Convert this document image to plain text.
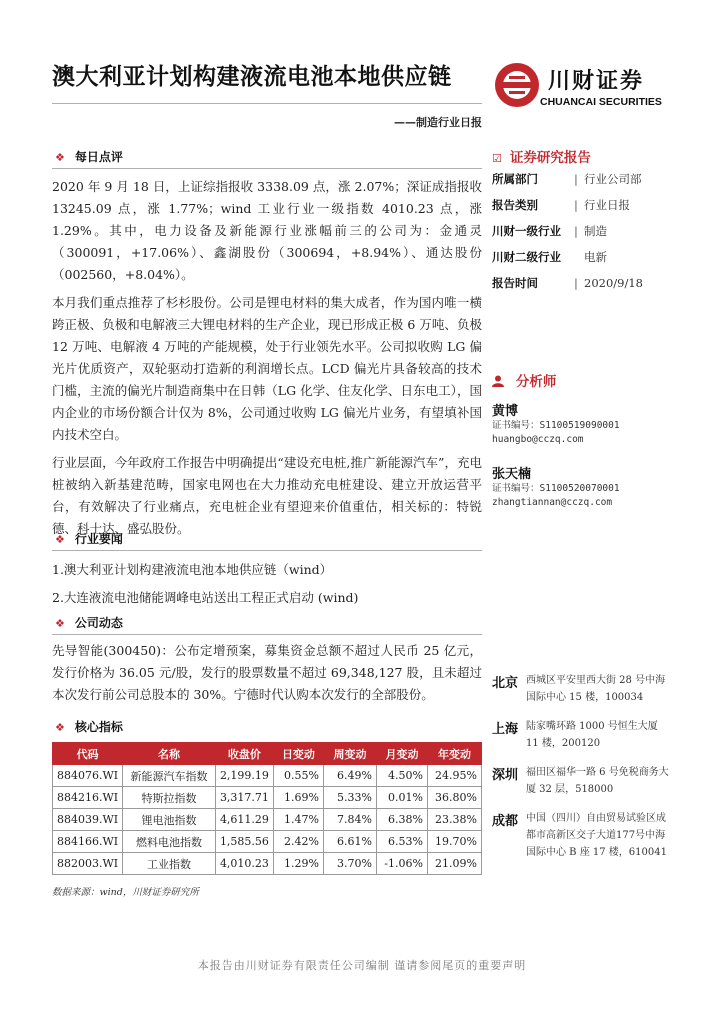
澳大利亚计划构建液流电池本地供应链
——制造行业日报
川财证券
CHUANCAI SECURITIES
❖ 每日点评

2020 年 9 月 18 日，上证综指报收 3338.09 点，涨 2.07%；深证成指报收 13245.09 点，涨 1.77%；wind 工业行业一级指数 4010.23 点，涨 1.29%。其中，电力设备及新能源行业涨幅前三的公司为：金通灵（300091，+17.06%）、鑫湖股份（300694，+8.94%）、通达股份（002560，+8.04%）。

本月我们重点推荐了杉杉股份。公司是锂电材料的集大成者，作为国内唯一横跨正极、负极和电解液三大锂电材料的生产企业，现已形成正极 6 万吨、负极 12 万吨、电解液 4 万吨的产能规模，处于行业领先水平。公司拟收购 LG 偏光片优质资产，双轮驱动打造新的利润增长点。LCD 偏光片具备较高的技术门槛，主流的偏光片制造商集中在日韩（LG 化学、住友化学、日东电工），国内企业的市场份额合计仅为 8%，公司通过收购 LG 偏光片业务，有望填补国内技术空白。

行业层面，今年政府工作报告中明确提出“建设充电桩,推广新能源汽车”，充电桩被纳入新基建范畴，国家电网也在大力推动充电桩建设、建立开放运营平台，有效解决了行业痛点，充电桩企业有望迎来价值重估，相关标的：特锐德、科士达、盛弘股份。

❖ 行业要闻
1.澳大利亚计划构建液流电池本地供应链（wind）
2.大连液流电池储能调峰电站送出工程正式启动 (wind)
❖ 公司动态
先导智能(300450)：公布定增预案，募集资金总额不超过人民币 25 亿元，发行价格为 36.05 元/股，发行的股票数量不超过 69,348,127 股，且未超过本次发行前公司总股本的 30%。宁德时代认购本次发行的全部股份。
❖ 核心指标
代码	名称	收盘价	日变动	周变动	月变动	年变动
884076.WI	新能源汽车指数	2,199.19	0.55%	6.49%	4.50%	24.95%
884216.WI	特斯拉指数	3,317.71	1.69%	5.33%	0.01%	36.80%
884039.WI	锂电池指数	4,611.29	1.47%	7.84%	6.38%	23.38%
884166.WI	燃料电池指数	1,585.56	2.42%	6.61%	6.53%	19.70%
882003.WI	工业指数	4,010.23	1.29%	3.70%	-1.06%	21.09%
数据来源：wind，川财证券研究所
☑ 证券研究报告
所属部门	| 行业公司部
报告类别	| 行业日报
川财一级行业 | 制造
川财二级行业 电新
报告时间	| 2020/9/18
分析师
黄博
证书编号：S1100519090001
huangbo@cczq.com
张天楠
证书编号：S1100520070001
zhangtiannan@cczq.com
北京 西城区平安里西大街 28 号中海国际中心 15 楼，100034
上海 陆家嘴环路 1000 号恒生大厦 11 楼，200120
深圳 福田区福华一路 6 号免税商务大厦 32 层，518000
成都 中国（四川）自由贸易试验区成都市高新区交子大道177号中海国际中心 B 座 17 楼，610041
本报告由川财证券有限责任公司编制 谨请参阅尾页的重要声明
